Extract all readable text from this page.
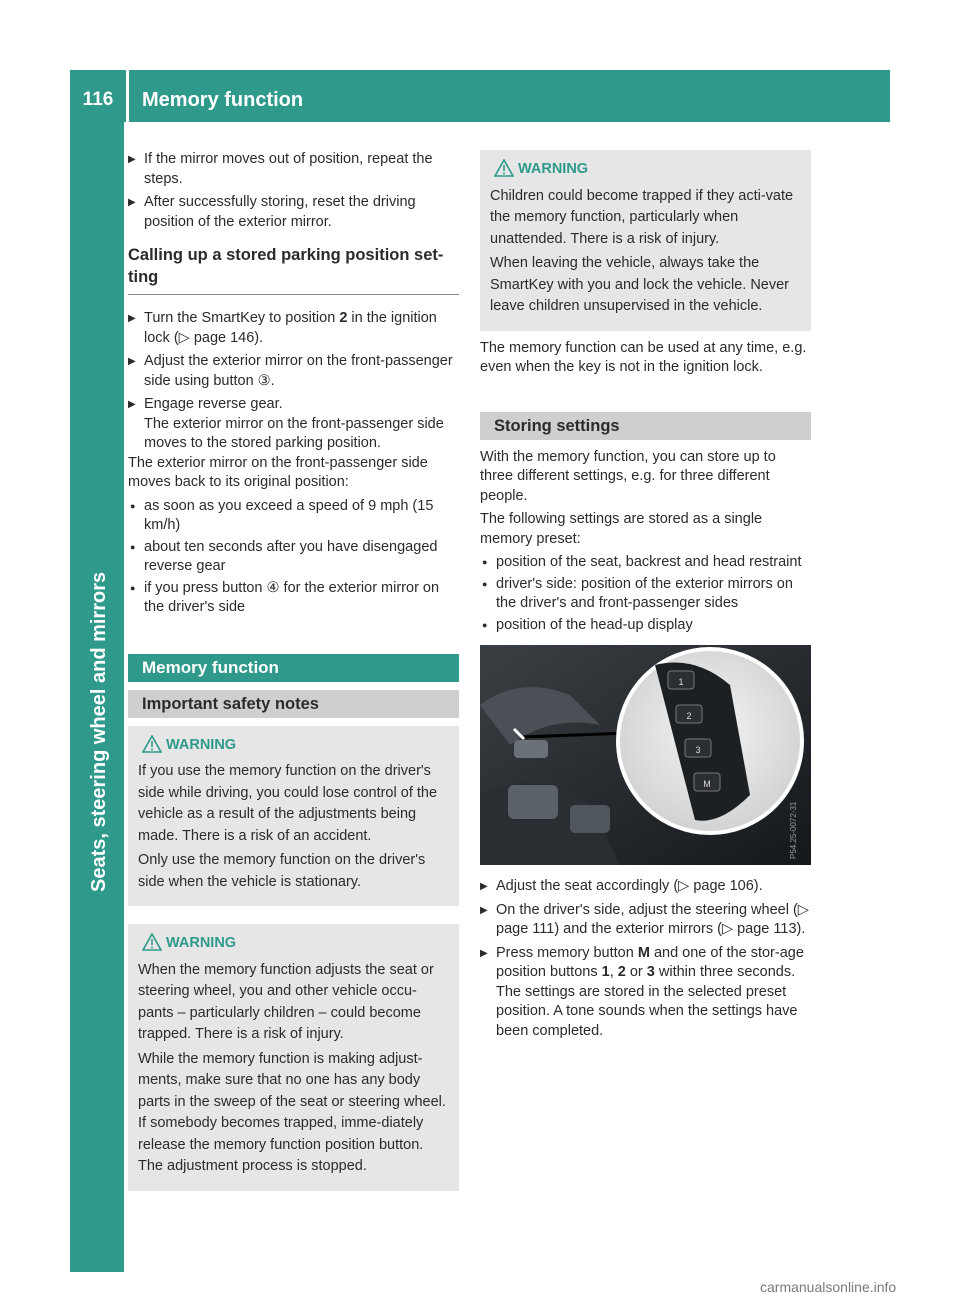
116	Memory function
Seats, steering wheel and mirrors
▶ If the mirror moves out of position, repeat the steps.
▶ After successfully storing, reset the driving position of the exterior mirror.
Calling up a stored parking position set-ting
▶ Turn the SmartKey to position 2 in the ignition lock (▷ page 146).
▶ Adjust the exterior mirror on the front-passenger side using button ③.
▶ Engage reverse gear.
The exterior mirror on the front-passenger side moves to the stored parking position.

The exterior mirror on the front-passenger side moves back to its original position:

● as soon as you exceed a speed of 9 mph (15 km/h)
● about ten seconds after you have disengaged reverse gear
● if you press button ④ for the exterior mirror on the driver's side
Memory function
Important safety notes
WARNING

If you use the memory function on the driver's side while driving, you could lose control of the vehicle as a result of the adjustments being made. There is a risk of an accident.

Only use the memory function on the driver's side when the vehicle is stationary.

WARNING

When the memory function adjusts the seat or steering wheel, you and other vehicle occu-pants – particularly children – could become trapped. There is a risk of injury.

While the memory function is making adjust-ments, make sure that no one has any body parts in the sweep of the seat or steering wheel. If somebody becomes trapped, imme-diately release the memory function position button. The adjustment process is stopped.

WARNING

Children could become trapped if they acti-vate the memory function, particularly when unattended. There is a risk of injury.

When leaving the vehicle, always take the SmartKey with you and lock the vehicle. Never leave children unsupervised in the vehicle.

The memory function can be used at any time, e.g. even when the key is not in the ignition lock.

Storing settings

With the memory function, you can store up to three different settings, e.g. for three different people.

The following settings are stored as a single memory preset:

● position of the seat, backrest and head restraint
● driver's side: position of the exterior mirrors on the driver's and front-passenger sides
● position of the head-up display
1
2
3
M
P54.25-0072-31
▶ Adjust the seat accordingly (▷ page 106).
▶ On the driver's side, adjust the steering wheel (▷ page 111) and the exterior mirrors (▷ page 113).
▶ Press memory button M and one of the stor-age position buttons 1, 2 or 3 within three seconds.
The settings are stored in the selected preset position. A tone sounds when the settings have been completed.
carmanualsonline.info
